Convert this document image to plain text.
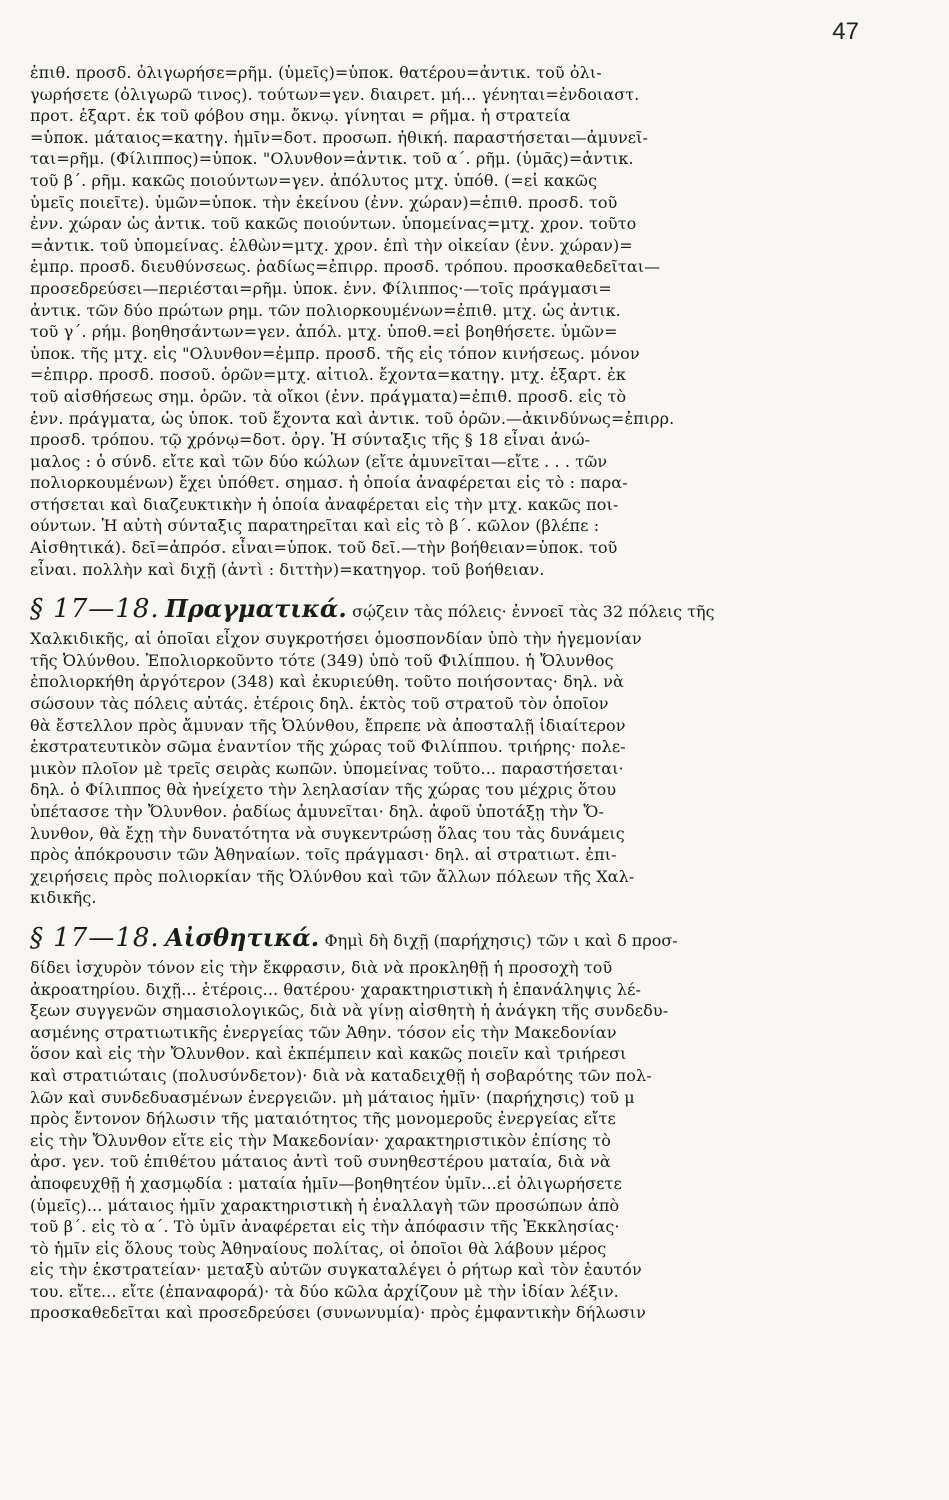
47
ἐπιθ. προσδ. ὀλιγωρήσε=ρῆμ. (ὑμεῖς)=ὑποκ. θατέρου=ἀντικ. τοῦ ὀλι-
γωρήσετε (ὀλιγωρῶ τινος). τούτων=γεν. διαιρετ. μή... γένηται=ἐνδοιαστ.
προτ. ἐξαρτ. ἐκ τοῦ φόβου σημ. ὄκνῳ. γίνηται = ρῆμα. ἡ στρατεία
=ὑποκ. μάταιος=κατηγ. ἡμῖν=δοτ. προσωπ. ἠθική. παραστήσεται—ἀμυνεῖ-
ται=ρῆμ. (Φίλιππος)=ὑποκ. "Ολυνθον=ἀντικ. τοῦ α΄. ρῆμ. (ὑμᾶς)=ἀντικ.
τοῦ β΄. ρῆμ. κακῶς ποιούντων=γεν. ἀπόλυτος μτχ. ὑπόθ. (=εἰ κακῶς
ὑμεῖς ποιεῖτε). ὑμῶν=ὑποκ. τὴν ἐκείνου (ἐνν. χώραν)=ἐπιθ. προσδ. τοῦ
ἐνν. χώραν ὡς ἀντικ. τοῦ κακῶς ποιούντων. ὑπομείνας=μτχ. χρον. τοῦτο
=ἀντικ. τοῦ ὑπομείνας. ἐλθὼν=μτχ. χρον. ἐπὶ τὴν οἰκείαν (ἐνν. χώραν)=
ἐμπρ. προσδ. διευθύνσεως. ῥαδίως=ἐπιρρ. προσδ. τρόπου. προσκαθεδεῖται—
προσεδρεύσει—περιέσται=ρῆμ. ὑποκ. ἐνν. Φίλιππος·—τοῖς πράγμασι=
ἀντικ. τῶν δύο πρώτων ρημ. τῶν πολιορκουμένων=ἐπιθ. μτχ. ὡς ἀντικ.
τοῦ γ΄. ρήμ. βοηθησάντων=γεν. ἀπόλ. μτχ. ὑποθ.=εἰ βοηθήσετε. ὑμῶν=
ὑποκ. τῆς μτχ. εἰς "Ολυνθον=ἐμπρ. προσδ. τῆς εἰς τόπον κινήσεως. μόνον
=ἐπιρρ. προσδ. ποσοῦ. ὁρῶν=μτχ. αἰτιολ. ἔχοντα=κατηγ. μτχ. ἐξαρτ. ἐκ
τοῦ αἰσθήσεως σημ. ὁρῶν. τὰ οἴκοι (ἐνν. πράγματα)=ἐπιθ. προσδ. εἰς τὸ
ἐνν. πράγματα, ὡς ὑποκ. τοῦ ἔχοντα καὶ ἀντικ. τοῦ ὁρῶν.—ἀκινδύνως=ἐπιρρ.
προσδ. τρόπου. τῷ χρόνῳ=δοτ. ὀργ. Ἡ σύνταξις τῆς § 18 εἶναι ἀνώ-
μαλος : ὁ σύνδ. εἴτε καὶ τῶν δύο κώλων (εἴτε ἀμυνεῖται—εἴτε . . . τῶν
πολιορκουμένων) ἔχει ὑπόθετ. σημασ. ἡ ὁποία ἀναφέρεται εἰς τὸ : παρα-
στήσεται καὶ διαζευκτικὴν ἡ ὁποία ἀναφέρεται εἰς τὴν μτχ. κακῶς ποι-
ούντων. Ἡ αὐτὴ σύνταξις παρατηρεῖται καὶ εἰς τὸ β΄. κῶλον (βλέπε :
Αἰσθητικά). δεῖ=ἀπρόσ. εἶναι=ὑποκ. τοῦ δεῖ.—τὴν βοήθειαν=ὑποκ. τοῦ
εἶναι. πολλὴν καὶ διχῇ (ἀντὶ : διττὴν)=κατηγορ. τοῦ βοήθειαν.
§ 17—18. Πραγματικά. σῴζειν τὰς πόλεις· ἐννοεῖ τὰς 32 πόλεις τῆς
Χαλκιδικῆς, αἱ ὁποῖαι εἶχον συγκροτήσει ὁμοσπονδίαν ὑπὸ τὴν ἡγεμονίαν
τῆς Ὀλύνθου. Ἐπολιορκοῦντο τότε (349) ὑπὸ τοῦ Φιλίππου. ἡ Ὄλυνθος
ἐπολιορκήθη ἀργότερον (348) καὶ ἐκυριεύθη. τοῦτο ποιήσοντας· δηλ. νὰ
σώσουν τὰς πόλεις αὐτάς. ἑτέροις δηλ. ἐκτὸς τοῦ στρατοῦ τὸν ὁποῖον
θὰ ἔστελλον πρὸς ἄμυναν τῆς Ὀλύνθου, ἔπρεπε νὰ ἀποσταλῇ ἰδιαίτερον
ἐκστρατευτικὸν σῶμα ἐναντίον τῆς χώρας τοῦ Φιλίππου. τριήρης· πολε-
μικὸν πλοῖον μὲ τρεῖς σειρὰς κωπῶν. ὑπομείνας τοῦτο... παραστήσεται·
δηλ. ὁ Φίλιππος θὰ ἠνείχετο τὴν λεηλασίαν τῆς χώρας του μέχρις ὅτου
ὑπέτασσε τὴν Ὄλυνθον. ῥαδίως ἀμυνεῖται· δηλ. ἀφοῦ ὑποτάξῃ τὴν Ὄ-
λυνθον, θὰ ἔχῃ τὴν δυνατότητα νὰ συγκεντρώσῃ ὅλας του τὰς δυνάμεις
πρὸς ἀπόκρουσιν τῶν Ἀθηναίων. τοῖς πράγμασι· δηλ. αἱ στρατιωτ. ἐπι-
χειρήσεις πρὸς πολιορκίαν τῆς Ὀλύνθου καὶ τῶν ἄλλων πόλεων τῆς Χαλ-
κιδικῆς.
§ 17—18. Αἰσθητικά. Φημὶ δὴ διχῇ (παρήχησις) τῶν ι καὶ δ προσ-
δίδει ἰσχυρὸν τόνον εἰς τὴν ἔκφρασιν, διὰ νὰ προκληθῇ ἡ προσοχὴ τοῦ
ἀκροατηρίου. διχῇ... ἑτέροις... θατέρου· χαρακτηριστικὴ ἡ ἐπανάληψις λέ-
ξεων συγγενῶν σημασιολογικῶς, διὰ νὰ γίνῃ αἰσθητὴ ἡ ἀνάγκη τῆς συνδεδυ-
ασμένης στρατιωτικῆς ἐνεργείας τῶν Ἀθην. τόσον εἰς τὴν Μακεδονίαν
ὅσον καὶ εἰς τὴν Ὄλυνθον. καὶ ἐκπέμπειν καὶ κακῶς ποιεῖν καὶ τριήρεσι
καὶ στρατιώταις (πολυσύνδετον)· διὰ νὰ καταδειχθῇ ἡ σοβαρότης τῶν πολ-
λῶν καὶ συνδεδυασμένων ἐνεργειῶν. μὴ μάταιος ἡμῖν· (παρήχησις) τοῦ μ
πρὸς ἔντονον δήλωσιν τῆς ματαιότητος τῆς μονομεροῦς ἐνεργείας εἴτε
εἰς τὴν Ὄλυνθον εἴτε εἰς τὴν Μακεδονίαν· χαρακτηριστικὸν ἐπίσης τὸ
ἀρσ. γεν. τοῦ ἐπιθέτου μάταιος ἀντὶ τοῦ συνηθεστέρου ματαία, διὰ νὰ
ἀποφευχθῇ ἡ χασμῳδία : ματαία ἡμῖν—βοηθητέον ὑμῖν...εἰ ὀλιγωρήσετε
(ὑμεῖς)... μάταιος ἡμῖν χαρακτηριστικὴ ἡ ἐναλλαγὴ τῶν προσώπων ἀπὸ
τοῦ β΄. εἰς τὸ α΄. Τὸ ὑμῖν ἀναφέρεται εἰς τὴν ἀπόφασιν τῆς Ἐκκλησίας·
τὸ ἡμῖν εἰς ὅλους τοὺς Ἀθηναίους πολίτας, οἱ ὁποῖοι θὰ λάβουν μέρος
εἰς τὴν ἐκστρατείαν· μεταξὺ αὐτῶν συγκαταλέγει ὁ ρήτωρ καὶ τὸν ἑαυτόν
του. εἴτε... εἴτε (ἐπαναφορά)· τὰ δύο κῶλα ἀρχίζουν μὲ τὴν ἰδίαν λέξιν.
προσκαθεδεῖται καὶ προσεδρεύσει (συνωνυμία)· πρὸς ἐμφαντικὴν δήλωσιν
